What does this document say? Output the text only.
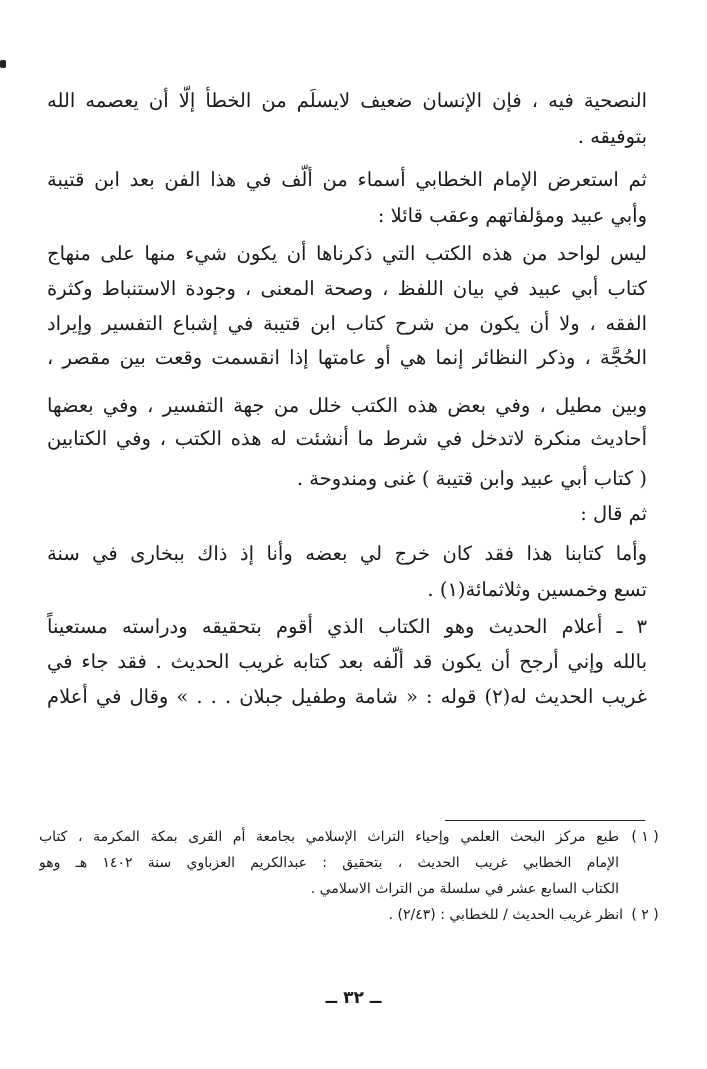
النصحية فيه ، فإن الإنسان ضعيف لايسلَم من الخطأ إلّا أن يعصمه الله
بتوفيقه .
ثم استعرض الإمام الخطابي أسماء من ألّف في هذا الفن بعد ابن قتيبة
وأبي عبيد ومؤلفاتهم وعقب قائلا :
ليس لواحد من هذه الكتب التي ذكرناها أن يكون شيء منها على منهاج
كتاب أبي عبيد في بيان اللفظ ، وصحة المعنى ، وجودة الاستنباط وكثرة
الفقه ، ولا أن يكون من شرح كتاب ابن قتيبة في إشباع التفسير وإيراد
الحُجَّة ، وذكر النظائر إنما هي أو عامتها إذا انقسمت وقعت بين مقصر ،
وبين مطيل ، وفي بعض هذه الكتب خلل من جهة التفسير ، وفي بعضها
أحاديث منكرة لاتدخل في شرط ما أنشئت له هذه الكتب ، وفي الكتابين
( كتاب أبي عبيد وابن قتيبة ) غنى ومندوحة .
ثم قال :
وأما كتابنا هذا فقد كان خرج لي بعضه وأنا إذ ذاك ببخارى في سنة
تسع وخمسين وثلاثمائة(١) .
٣ ـ أعلام الحديث وهو الكتاب الذي أقوم بتحقيقه ودراسته مستعيناً
بالله وإني أرجح أن يكون قد ألّفه بعد كتابه غريب الحديث . فقد جاء في
غريب الحديث له(٢) قوله : « شامة وطفيل جبلان . . . » وقال في أعلام
( ١ )
طبع مركز البحث العلمي وإحياء التراث الإسلامي بجامعة أم القرى بمكة المكرمة ، كتاب
الإمام الخطابي غريب الحديث ، بتحقيق : عبدالكريم العزباوي سنة ١٤٠٢ هـ وهو
الكتاب السابع عشر في سلسلة من التراث الاسلامي .
( ٢ )انظر غريب الحديث / للخطابي : (٢/٤٣) .
ــ ٣٢ ــ
